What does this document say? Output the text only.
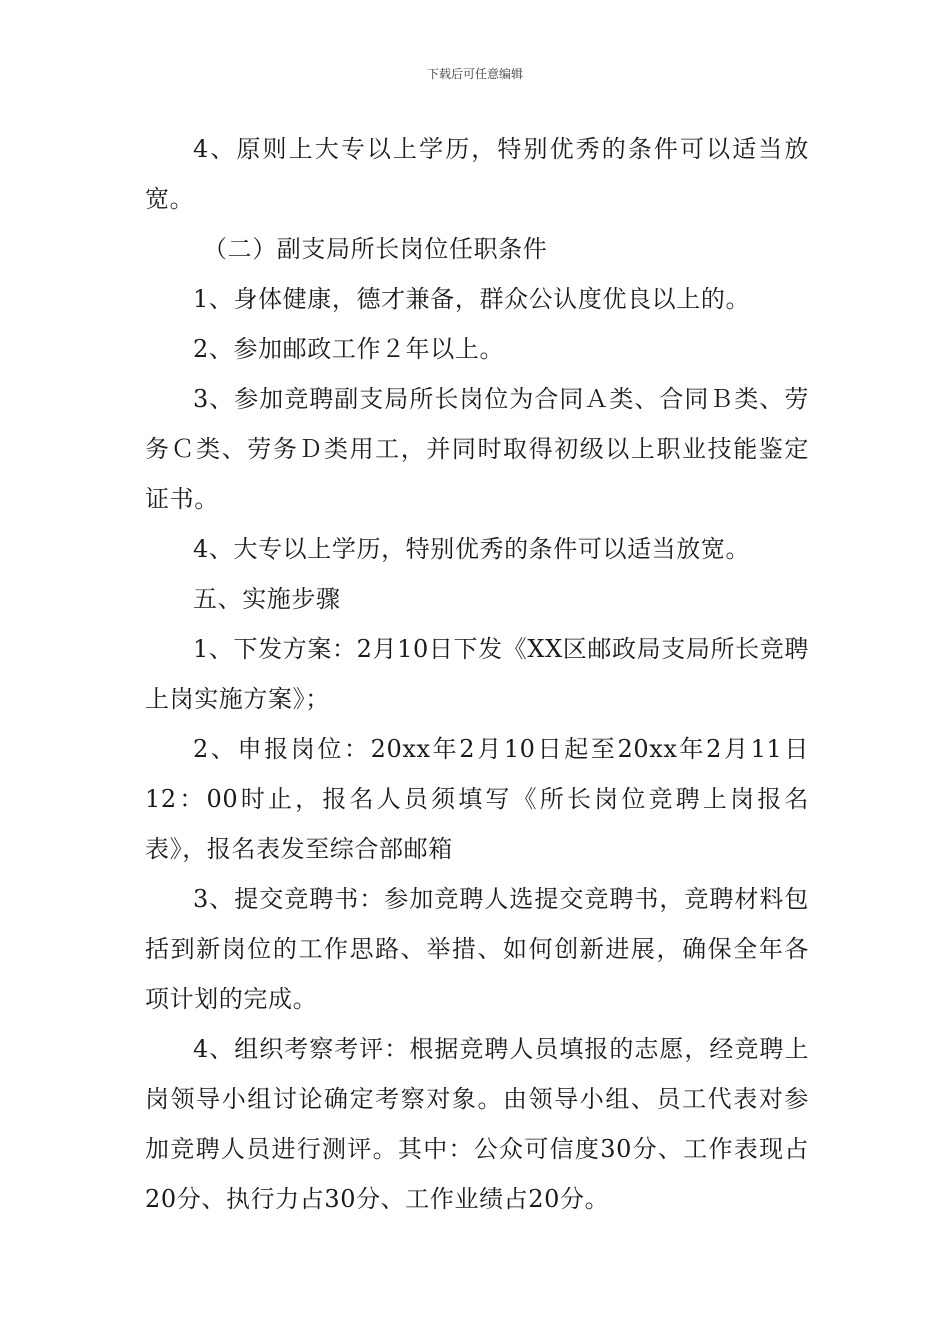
下载后可任意编辑

4、原则上大专以上学历，特别优秀的条件可以适当放宽。

（二）副支局所长岗位任职条件

1、身体健康，德才兼备，群众公认度优良以上的。

2、参加邮政工作２年以上。

3、参加竞聘副支局所长岗位为合同Ａ类、合同Ｂ类、劳务Ｃ类、劳务Ｄ类用工，并同时取得初级以上职业技能鉴定证书。

4、大专以上学历，特别优秀的条件可以适当放宽。

五、实施步骤

1、下发方案：2月10日下发《XX区邮政局支局所长竞聘上岗实施方案》；

2、申报岗位：20xx年2月10日起至20xx年2月11日12：00时止，报名人员须填写《所长岗位竞聘上岗报名表》，报名表发至综合部邮箱

3、提交竞聘书：参加竞聘人选提交竞聘书，竞聘材料包括到新岗位的工作思路、举措、如何创新进展，确保全年各项计划的完成。

4、组织考察考评：根据竞聘人员填报的志愿，经竞聘上岗领导小组讨论确定考察对象。由领导小组、员工代表对参加竞聘人员进行测评。其中：公众可信度30分、工作表现占20分、执行力占30分、工作业绩占20分。
